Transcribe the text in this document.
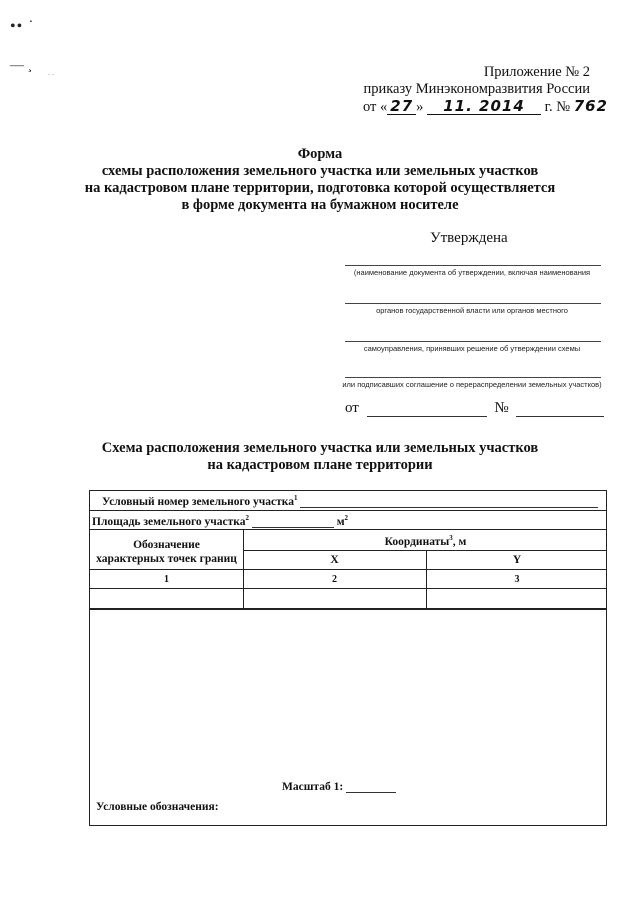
•• ˙
— ¸ . .	Приложение № 2
приказу Минэкономразвития России
от « 27 » 11. 2014 г. № 762
Форма
схемы расположения земельного участка или земельных участков
на кадастровом плане территории, подготовка которой осуществляется
в форме документа на бумажном носителе
Утверждена
(наименование документа об утверждении, включая наименования
органов государственной власти или органов местного
самоуправления, принявших решение об утверждении схемы
или подписавших соглашение о перераспределении земельных участков)
от	№
Схема расположения земельного участка или земельных участков
на кадастровом плане территории
Условный номер земельного участка$^1$
Площадь земельного участка$^2$	$м^2$
Обозначение
характерных точек границ
Координаты$^3$, м
X	Y
1	2	3
Масштаб 1:
Условные обозначения:
